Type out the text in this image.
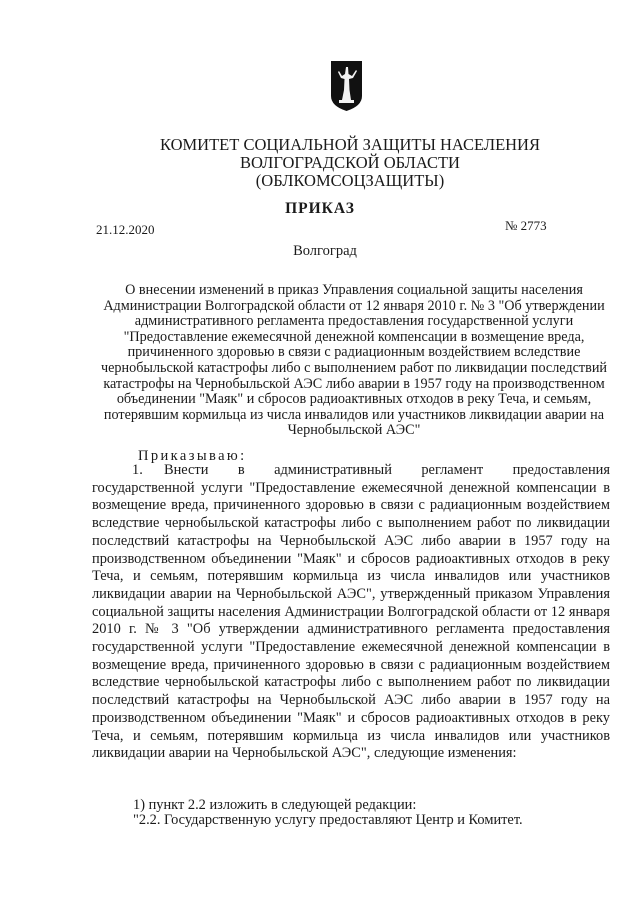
КОМИТЕТ СОЦИАЛЬНОЙ ЗАЩИТЫ НАСЕЛЕНИЯ
ВОЛГОГРАДСКОЙ ОБЛАСТИ
(ОБЛКОМСОЦЗАЩИТЫ)
ПРИКАЗ
21.12.2020	№ 2773
Волгоград
О внесении изменений в приказ Управления социальной защиты населения Администрации Волгоградской области от 12 января 2010 г. № 3 "Об утверждении административного регламента предоставления государственной услуги "Предоставление ежемесячной денежной компенсации в возмещение вреда, причиненного здоровью в связи с радиационным воздействием вследствие чернобыльской катастрофы либо с выполнением работ по ликвидации последствий катастрофы на Чернобыльской АЭС либо аварии в 1957 году на производственном объединении "Маяк" и сбросов радиоактивных отходов в реку Теча, и семьям, потерявшим кормильца из числа инвалидов или участников ликвидации аварии на Чернобыльской АЭС"
Приказываю:
1. Внести в административный регламент предоставления государственной услуги "Предоставление ежемесячной денежной компенсации в возмещение вреда, причиненного здоровью в связи с радиационным воздействием вследствие чернобыльской катастрофы либо с выполнением работ по ликвидации последствий катастрофы на Чернобыльской АЭС либо аварии в 1957 году на производственном объединении "Маяк" и сбросов радиоактивных отходов в реку Теча, и семьям, потерявшим кормильца из числа инвалидов или участников ликвидации аварии на Чернобыльской АЭС", утвержденный приказом Управления социальной защиты населения Администрации Волгоградской области от 12 января 2010 г. № 3 "Об утверждении административного регламента предоставления государственной услуги "Предоставление ежемесячной денежной компенсации в возмещение вреда, причиненного здоровью в связи с радиационным воздействием вследствие чернобыльской катастрофы либо с выполнением работ по ликвидации последствий катастрофы на Чернобыльской АЭС либо аварии в 1957 году на производственном объединении "Маяк" и сбросов радиоактивных отходов в реку Теча, и семьям, потерявшим кормильца из числа инвалидов или участников ликвидации аварии на Чернобыльской АЭС", следующие изменения:
1) пункт 2.2 изложить в следующей редакции:
"2.2. Государственную услугу предоставляют Центр и Комитет.
